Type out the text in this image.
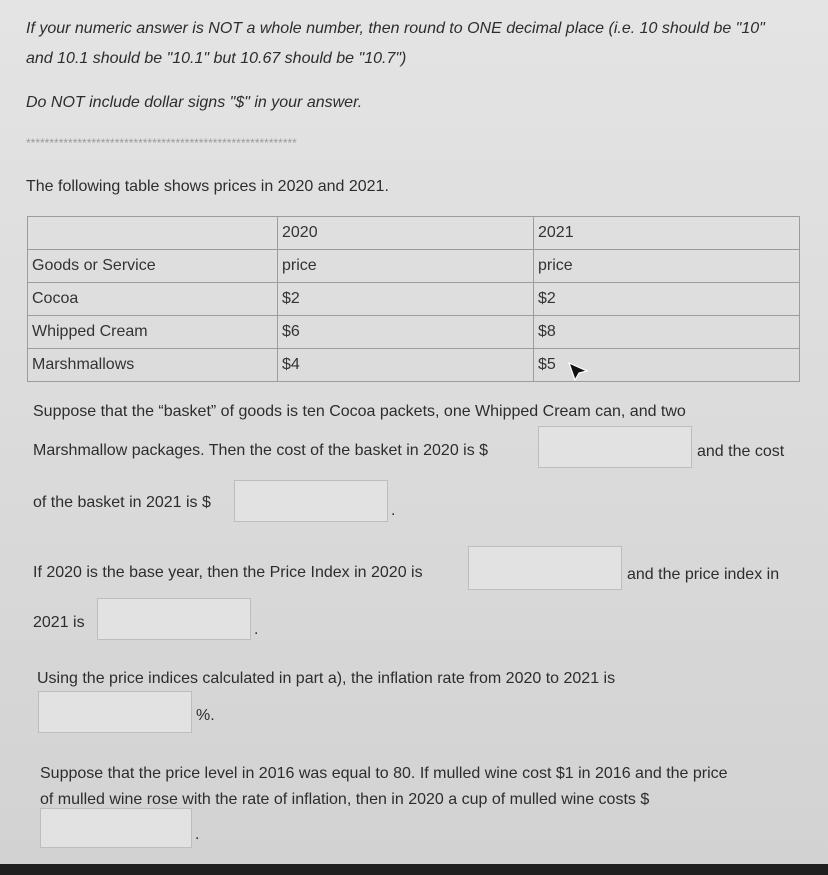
If your numeric answer is NOT a whole number, then round to ONE decimal place (i.e. 10 should be "10"
and 10.1 should be "10.1" but 10.67 should be "10.7")
Do NOT include dollar signs "$" in your answer.
**********************************************************
The following table shows prices in 2020 and 2021.
	2020	2021
Goods or Service	price	price
Cocoa	$2	$2
Whipped Cream	$6	$8
Marshmallows	$4	$5
Suppose that the “basket” of goods is ten Cocoa packets, one Whipped Cream can, and two
Marshmallow packages. Then the cost of the basket in 2020 is $	and the cost
of the basket in 2021 is $	.
If 2020 is the base year, then the Price Index in 2020 is	and the price index in
2021 is	.
Using the price indices calculated in part a), the inflation rate from 2020 to 2021 is
%.
Suppose that the price level in 2016 was equal to 80. If mulled wine cost $1 in 2016 and the price
of mulled wine rose with the rate of inflation, then in 2020 a cup of mulled wine costs $
.
